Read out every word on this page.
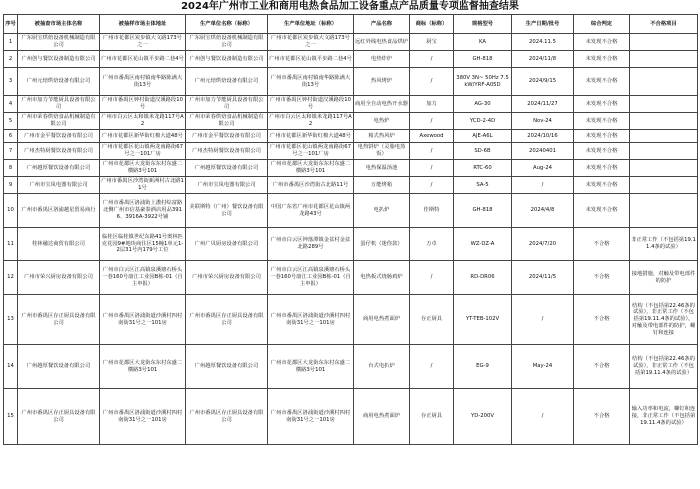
2024年广州市工业和商用电热食品加工设备重点产品质量专项监督抽查结果
序号	被抽查市场主体名称	被抽样市场主体地址	生产单位名称（标称）	生产单位地址（标称）	产品名称	商标（标称）	规格型号	生产日期/批号	综合判定	不合格项目
1	广东厨宝烘焙设备机械制造有限公司	广州市花都区炭步镇大文路173号之一	广东厨宝烘焙设备机械制造有限公司	广州市花都区炭步镇大文路173号之一	远红外线电热食品烘炉	厨宝	KA	2024.11.5	未发现不合格	
2	广州创与餐饮设备制造有限公司	广州市花都区花山镇平步路二巷4号	广州创与餐饮设备制造有限公司	广州市花都区花山镇平步路二巷4号	电热炸炉	/	GH-818	2024/11/8	未发现不合格	
3	广州元焙烘焙设备有限公司	广州市番禺区南村镇南华路陈满大街13号	广州元焙烘焙设备有限公司	广州市番禺区南村镇南华路陈满大街13号	热风烤炉	/	380V 3N~ 50Hz 7.5kW/YRF-A05D	2024/9/15	未发现不合格	
4	广州市加力节能厨具设备有限公司	广州市番禺区钟村街道汉溪路段10号	广州市加力节能厨具设备有限公司	广州市番禺区钟村街道汉溪路段10号	商用全自动电热开水器	加力	AG-30	2024/11/27	未发现不合格	
5	广州市荣春烘焙食品机械制造有限公司	广州市白云区太和镇米龙路117号A2	广州市荣春烘焙食品机械制造有限公司	广州市白云区太和镇米龙路117号A2	电热炉	/	YCD-2-4D	Nov-24	未发现不合格	
6	广州市金平餐饮设备有限公司	广州市花都区新华街红棉大道48号	广州市金平餐饮设备有限公司	广州市花都区新华街红棉大道48号	箱式热风炉	Axewood	AJE-A6L	2024/10/16	未发现不合格	
7	广州杰特厨餐饮设备有限公司	广州市花都区花山镇两龙南路街67号之一101厂房	广州杰特厨餐饮设备有限公司	广州市花都区花山镇两龙南路街67号之一101厂房	电热饼炉（灵脂电蒸饭）	/	SD-6B	20240401	未发现不合格	
8	广州越厚餐饮设备有限公司	广州市花都区大龙街东东村东盛二横路3号101	广州越厚餐饮设备有限公司	广州市花都区大龙街东东村东盛二横路3号101	电热保温汤池	/	RTC-60	Aug-24	未发现不合格	
9	广州市宝凤电器有限公司	广州市番禺区沙湾街新洲村古北路11号	广州市宝凤电器有限公司	广州市番禺区沙湾街古北路11号	万能烤箱	/	SA-5	/	未发现不合格	
10	广州市番禺区洛浦越星贸易商行	广州市番禺区洛浦街上漖村综富路北侧广州市信基豪泰酒店用品3916、3916A-3922号铺	美联斯特（广州）餐饮设备有限公司	中国广东省广州市花都区花山镇两龙路43号	电扒炉	佳斯特	GH-818	2024/4/8	未发现不合格	
11	桂林融达商贸有限公司	临桂区临桂镇世纪东路41号奥林匹克花园9#地块商住区15幢1单元1-2层31号内179号工位	广州广贝厨房设备有限公司	广州市白云区钟落潭镇金盆村金盆北路289号	蛋仔机（迷你款）	万卓	WZ-DZ-A	2024/7/20	不合格	非正常工作（不包括第19.11.4条的试验）
12	广州市荣兴厨房设备有限公司	广州市白云区江高镇泉溪塘石桥头一巷160号康江工业园B栋-01（自主申报）	广州市荣兴厨房设备有限公司	广州市白云区江高镇泉溪塘石桥头一巷160号康江工业园B栋-01（自主申报）	电热板式烧肠鸡炉	/	RD-DR06	2024/11/5	不合格	接地措施，对触及带电部件的防护
13	广州市番禺区存正厨具设备有限公司	广州市番禺区洛浦街道沙溪村四村南街31号之一101房	广州市番禺区存正厨具设备有限公司	广州市番禺区洛浦街道沙溪村四村南街31号之一101房	商用电热煮面炉	存正厨具	YT-TEB-102V	/	不合格	结构（不包括第22.46条的试验），非正常工作（不包括第19.11.4条的试验），对触及带电部件的防护，螺钉和连接
14	广州越厚餐饮设备有限公司	广州市花都区大龙街东东村东盛二横路3号101	广州越厚餐饮设备有限公司	广州市花都区大龙街东东村东盛二横路3号101	台式电扒炉	/	EG-9	May-24	不合格	结构（不包括第22.46条的试验），非正常工作（不包括第19.11.4条的试验）
15	广州市番禺区存正厨具设备有限公司	广州市番禺区洛浦街道沙溪村四村南街31号之一101房	广州市番禺区存正厨具设备有限公司	广州市番禺区洛浦街道沙溪村四村南街31号之一101房	商用电热煮面炉	存正厨具	YD-200V	/	不合格	输入功率和电流，螺钉和连接，非正常工作（不包括第19.11.4条的试验）
